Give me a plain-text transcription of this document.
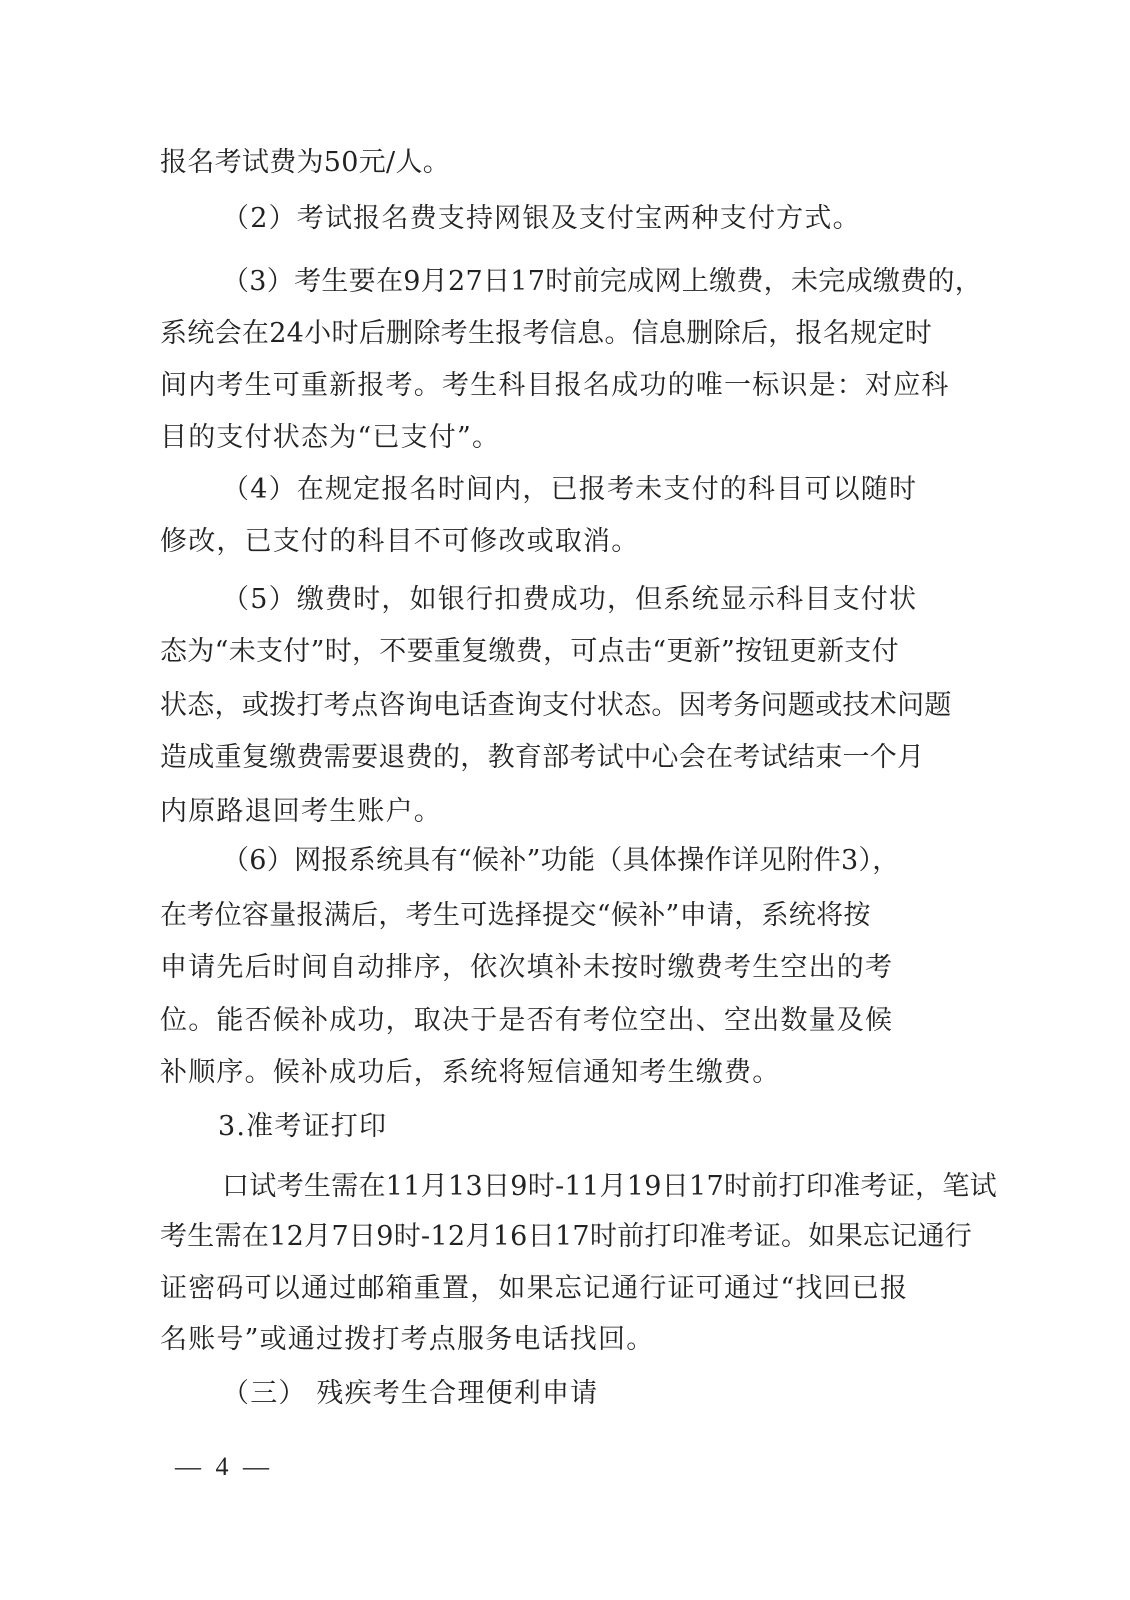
报名考试费为50元/人。
（2）考试报名费支持网银及支付宝两种支付方式。
（3）考生要在9月27日17时前完成网上缴费，未完成缴费的，
系统会在24小时后删除考生报考信息。信息删除后，报名规定时
间内考生可重新报考。考生科目报名成功的唯一标识是：对应科
目的支付状态为“已支付”。
（4）在规定报名时间内，已报考未支付的科目可以随时
修改，已支付的科目不可修改或取消。
（5）缴费时，如银行扣费成功，但系统显示科目支付状
态为“未支付”时，不要重复缴费，可点击“更新”按钮更新支付
状态，或拨打考点咨询电话查询支付状态。因考务问题或技术问题
造成重复缴费需要退费的，教育部考试中心会在考试结束一个月
内原路退回考生账户。
（6）网报系统具有“候补”功能（具体操作详见附件3），
在考位容量报满后，考生可选择提交“候补”申请，系统将按
申请先后时间自动排序，依次填补未按时缴费考生空出的考
位。能否候补成功，取决于是否有考位空出、空出数量及候
补顺序。候补成功后，系统将短信通知考生缴费。
3.准考证打印
口试考生需在11月13日9时-11月19日17时前打印准考证，笔试
考生需在12月7日9时-12月16日17时前打印准考证。如果忘记通行
证密码可以通过邮箱重置，如果忘记通行证可通过“找回已报
名账号”或通过拨打考点服务电话找回。
（三） 残疾考生合理便利申请
— 4 —
